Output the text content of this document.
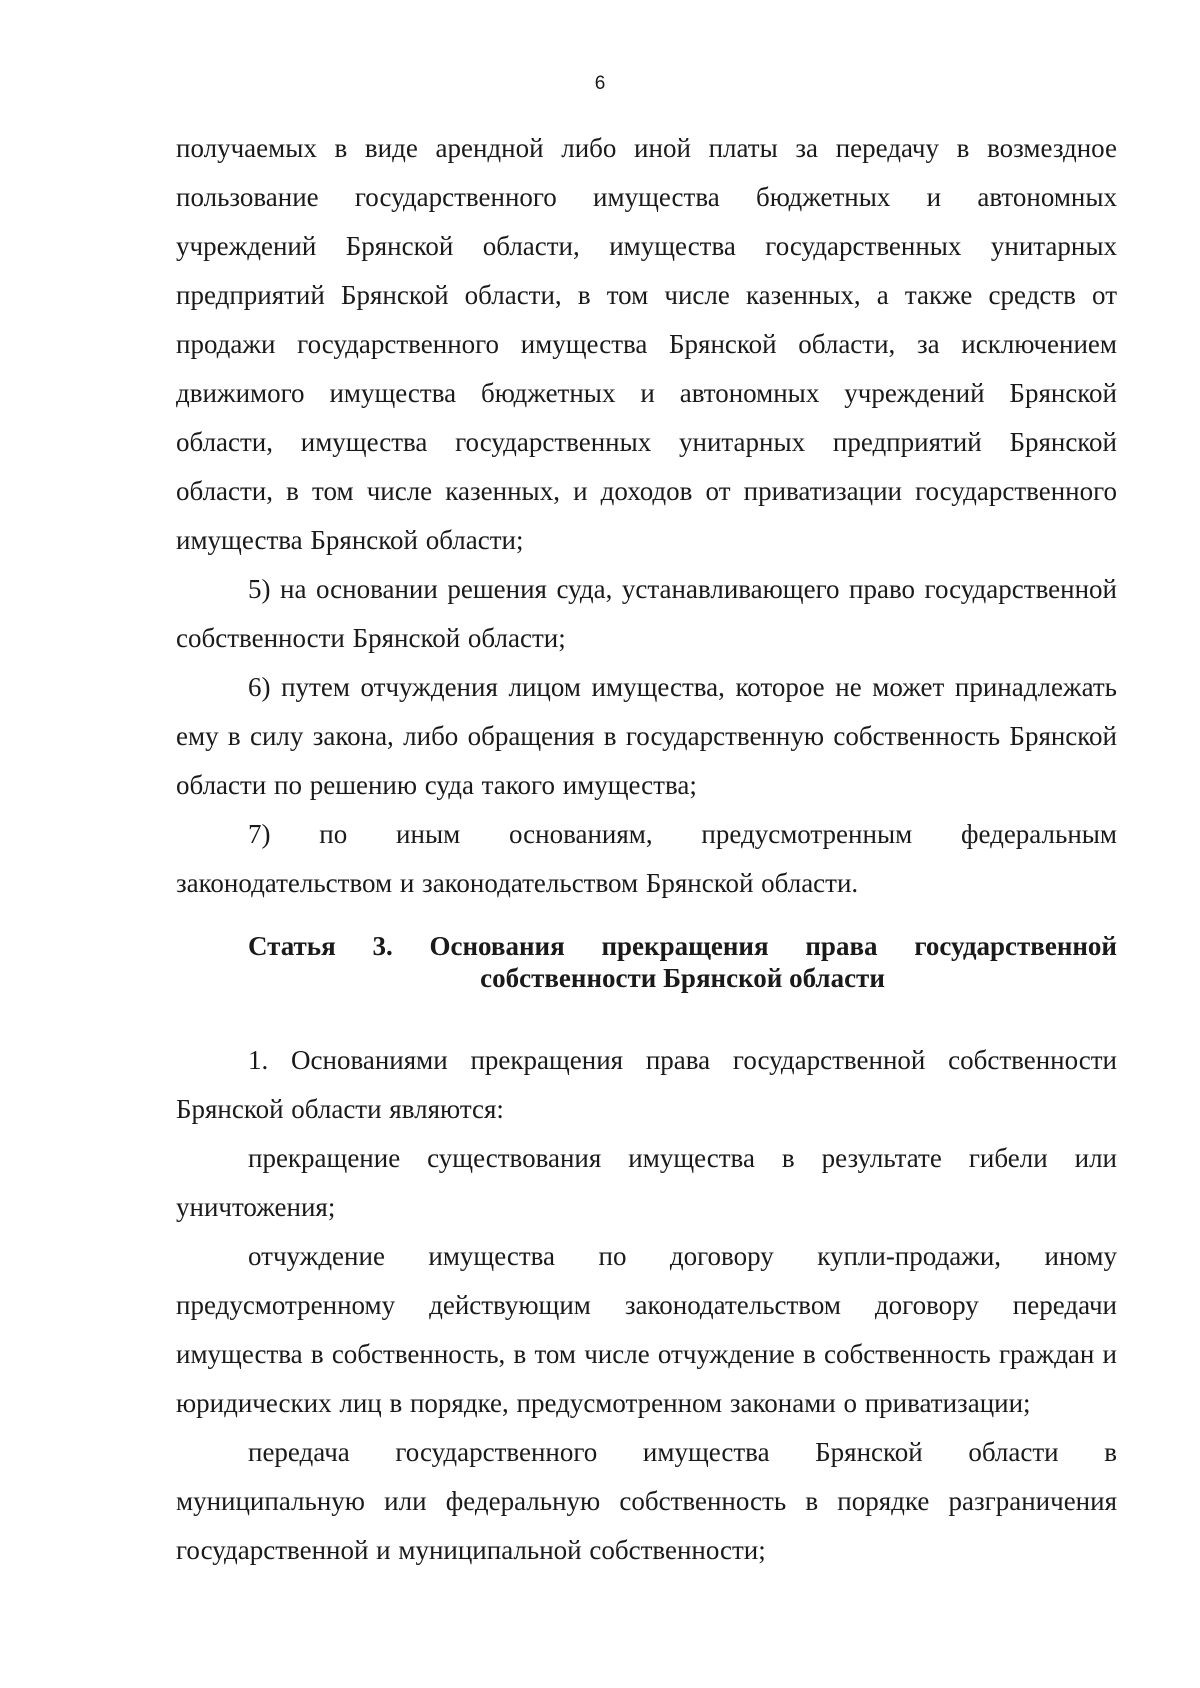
6

получаемых в виде арендной либо иной платы за передачу в возмездное пользование государственного имущества бюджетных и автономных учреждений Брянской области, имущества государственных унитарных предприятий Брянской области, в том числе казенных, а также средств от продажи государственного имущества Брянской области, за исключением движимого имущества бюджетных и автономных учреждений Брянской области, имущества государственных унитарных предприятий Брянской области, в том числе казенных, и доходов от приватизации государственного имущества Брянской области;

5) на основании решения суда, устанавливающего право государственной собственности Брянской области;

6) путем отчуждения лицом имущества, которое не может принадлежать ему в силу закона, либо обращения в государственную собственность Брянской области по решению суда такого имущества;

7) по иным основаниям, предусмотренным федеральным законодательством и законодательством Брянской области.

Статья 3. Основания прекращения права государственной
собственности Брянской области

1. Основаниями прекращения права государственной собственности Брянской области являются:

прекращение существования имущества в результате гибели или уничтожения;

отчуждение имущества по договору купли-продажи, иному предусмотренному действующим законодательством договору передачи имущества в собственность, в том числе отчуждение в собственность граждан и юридических лиц в порядке, предусмотренном законами о приватизации;

передача государственного имущества Брянской области в муниципальную или федеральную собственность в порядке разграничения государственной и муниципальной собственности;
